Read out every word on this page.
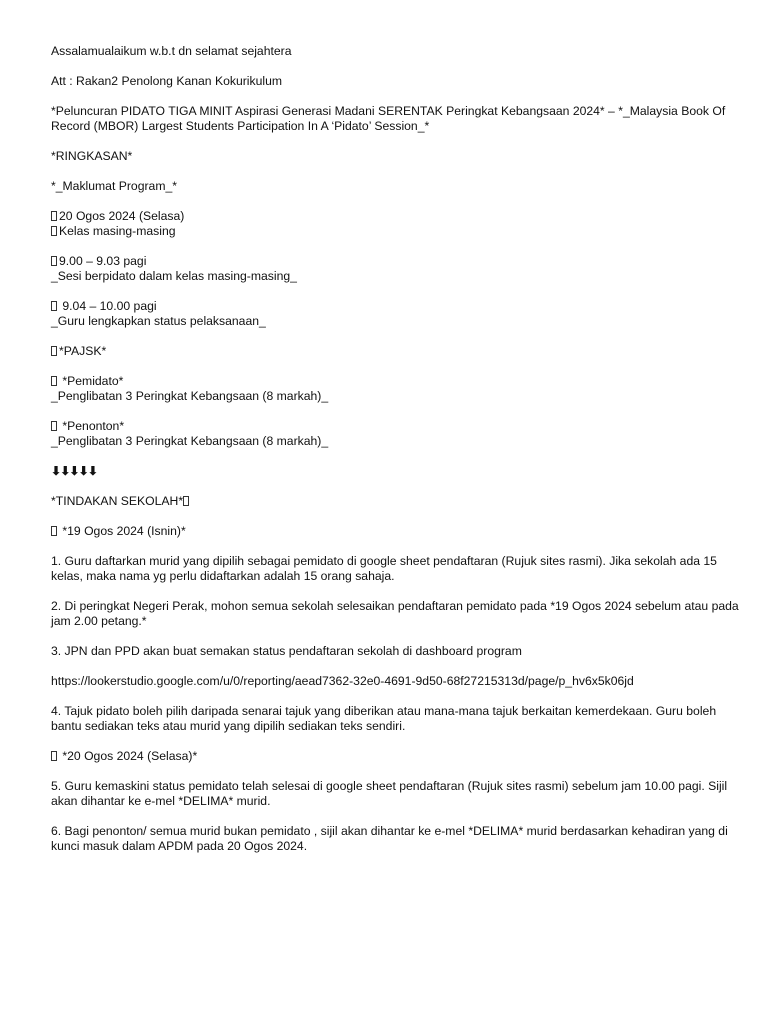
Assalamualaikum w.b.t dn selamat sejahtera

Att : Rakan2 Penolong Kanan Kokurikulum

*Peluncuran PIDATO TIGA MINIT Aspirasi Generasi Madani SERENTAK Peringkat Kebangsaan 2024* – *_Malaysia Book Of Record (MBOR) Largest Students Participation In A ‘Pidato’ Session_*

*RINGKASAN*

*_Maklumat Program_*

20 Ogos 2024 (Selasa)
Kelas masing-masing

9.00 – 9.03 pagi
_Sesi berpidato dalam kelas masing-masing_

9.04 – 10.00 pagi
_Guru lengkapkan status pelaksanaan_

*PAJSK*

*Pemidato*
_Penglibatan 3 Peringkat Kebangsaan (8 markah)_

*Penonton*
_Penglibatan 3 Peringkat Kebangsaan (8 markah)_

⬇⬇⬇⬇⬇

*TINDAKAN SEKOLAH*

*19 Ogos 2024 (Isnin)*

1. Guru daftarkan murid yang dipilih sebagai pemidato di google sheet pendaftaran (Rujuk sites rasmi). Jika sekolah ada 15 kelas, maka nama yg perlu didaftarkan adalah 15 orang sahaja.

2. Di peringkat Negeri Perak, mohon semua sekolah selesaikan pendaftaran pemidato pada *19 Ogos 2024 sebelum atau pada jam 2.00 petang.*

3. JPN dan PPD akan buat semakan status pendaftaran sekolah di dashboard program

https://lookerstudio.google.com/u/0/reporting/aead7362-32e0-4691-9d50-68f27215313d/page/p_hv6x5k06jd

4. Tajuk pidato boleh pilih daripada senarai tajuk yang diberikan atau mana-mana tajuk berkaitan kemerdekaan. Guru boleh bantu sediakan teks atau murid yang dipilih sediakan teks sendiri.

*20 Ogos 2024 (Selasa)*

5. Guru kemaskini status pemidato telah selesai di google sheet pendaftaran (Rujuk sites rasmi) sebelum jam 10.00 pagi. Sijil akan dihantar ke e-mel *DELIMA* murid.

6. Bagi penonton/ semua murid bukan pemidato , sijil akan dihantar ke e-mel *DELIMA* murid berdasarkan kehadiran yang di kunci masuk dalam APDM pada 20 Ogos 2024.
